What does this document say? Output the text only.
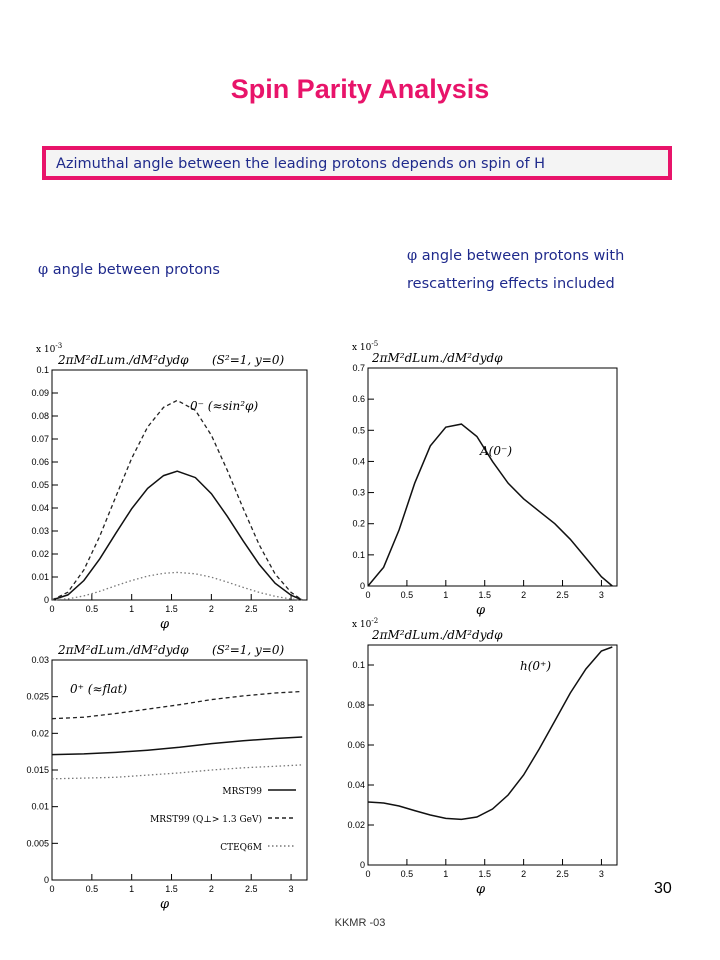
Spin Parity Analysis
Azimuthal angle between the leading protons depends on spin of H
φ angle between protons
φ angle between protons with
rescattering effects included
0	0.5	1	1.5	2	2.5	3
0
0.01
0.02
0.03
0.04
0.05
0.06
0.07
0.08
0.09
0.1
x $10^{-3}$
2πM²dLum./dM²dydφ (S²=1, y=0)
φ
0	0.5	1	1.5	2	2.5	3
0
0.1
0.2
0.3
0.4
0.5
0.6
0.7
x $10^{-5}$
2πM²dLum./dM²dydφ
φ
0	0.5	1	1.5	2	2.5	3
0
0.005
0.01
0.015
0.02
0.025
0.03
2πM²dLum./dM²dydφ (S²=1, y=0)
φ
0	0.5	1	1.5	2	2.5	3
0
0.02
0.04
0.06
0.08
0.1
x $10^{-2}$
2πM²dLum./dM²dydφ
φ
0⁻ (≈sin²φ)
A(0⁻)
0⁺ (≈flat)
h(0⁺)
MRST99
MRST99 (Q⊥> 1.3 GeV)
CTEQ6M
30
KKMR -03
